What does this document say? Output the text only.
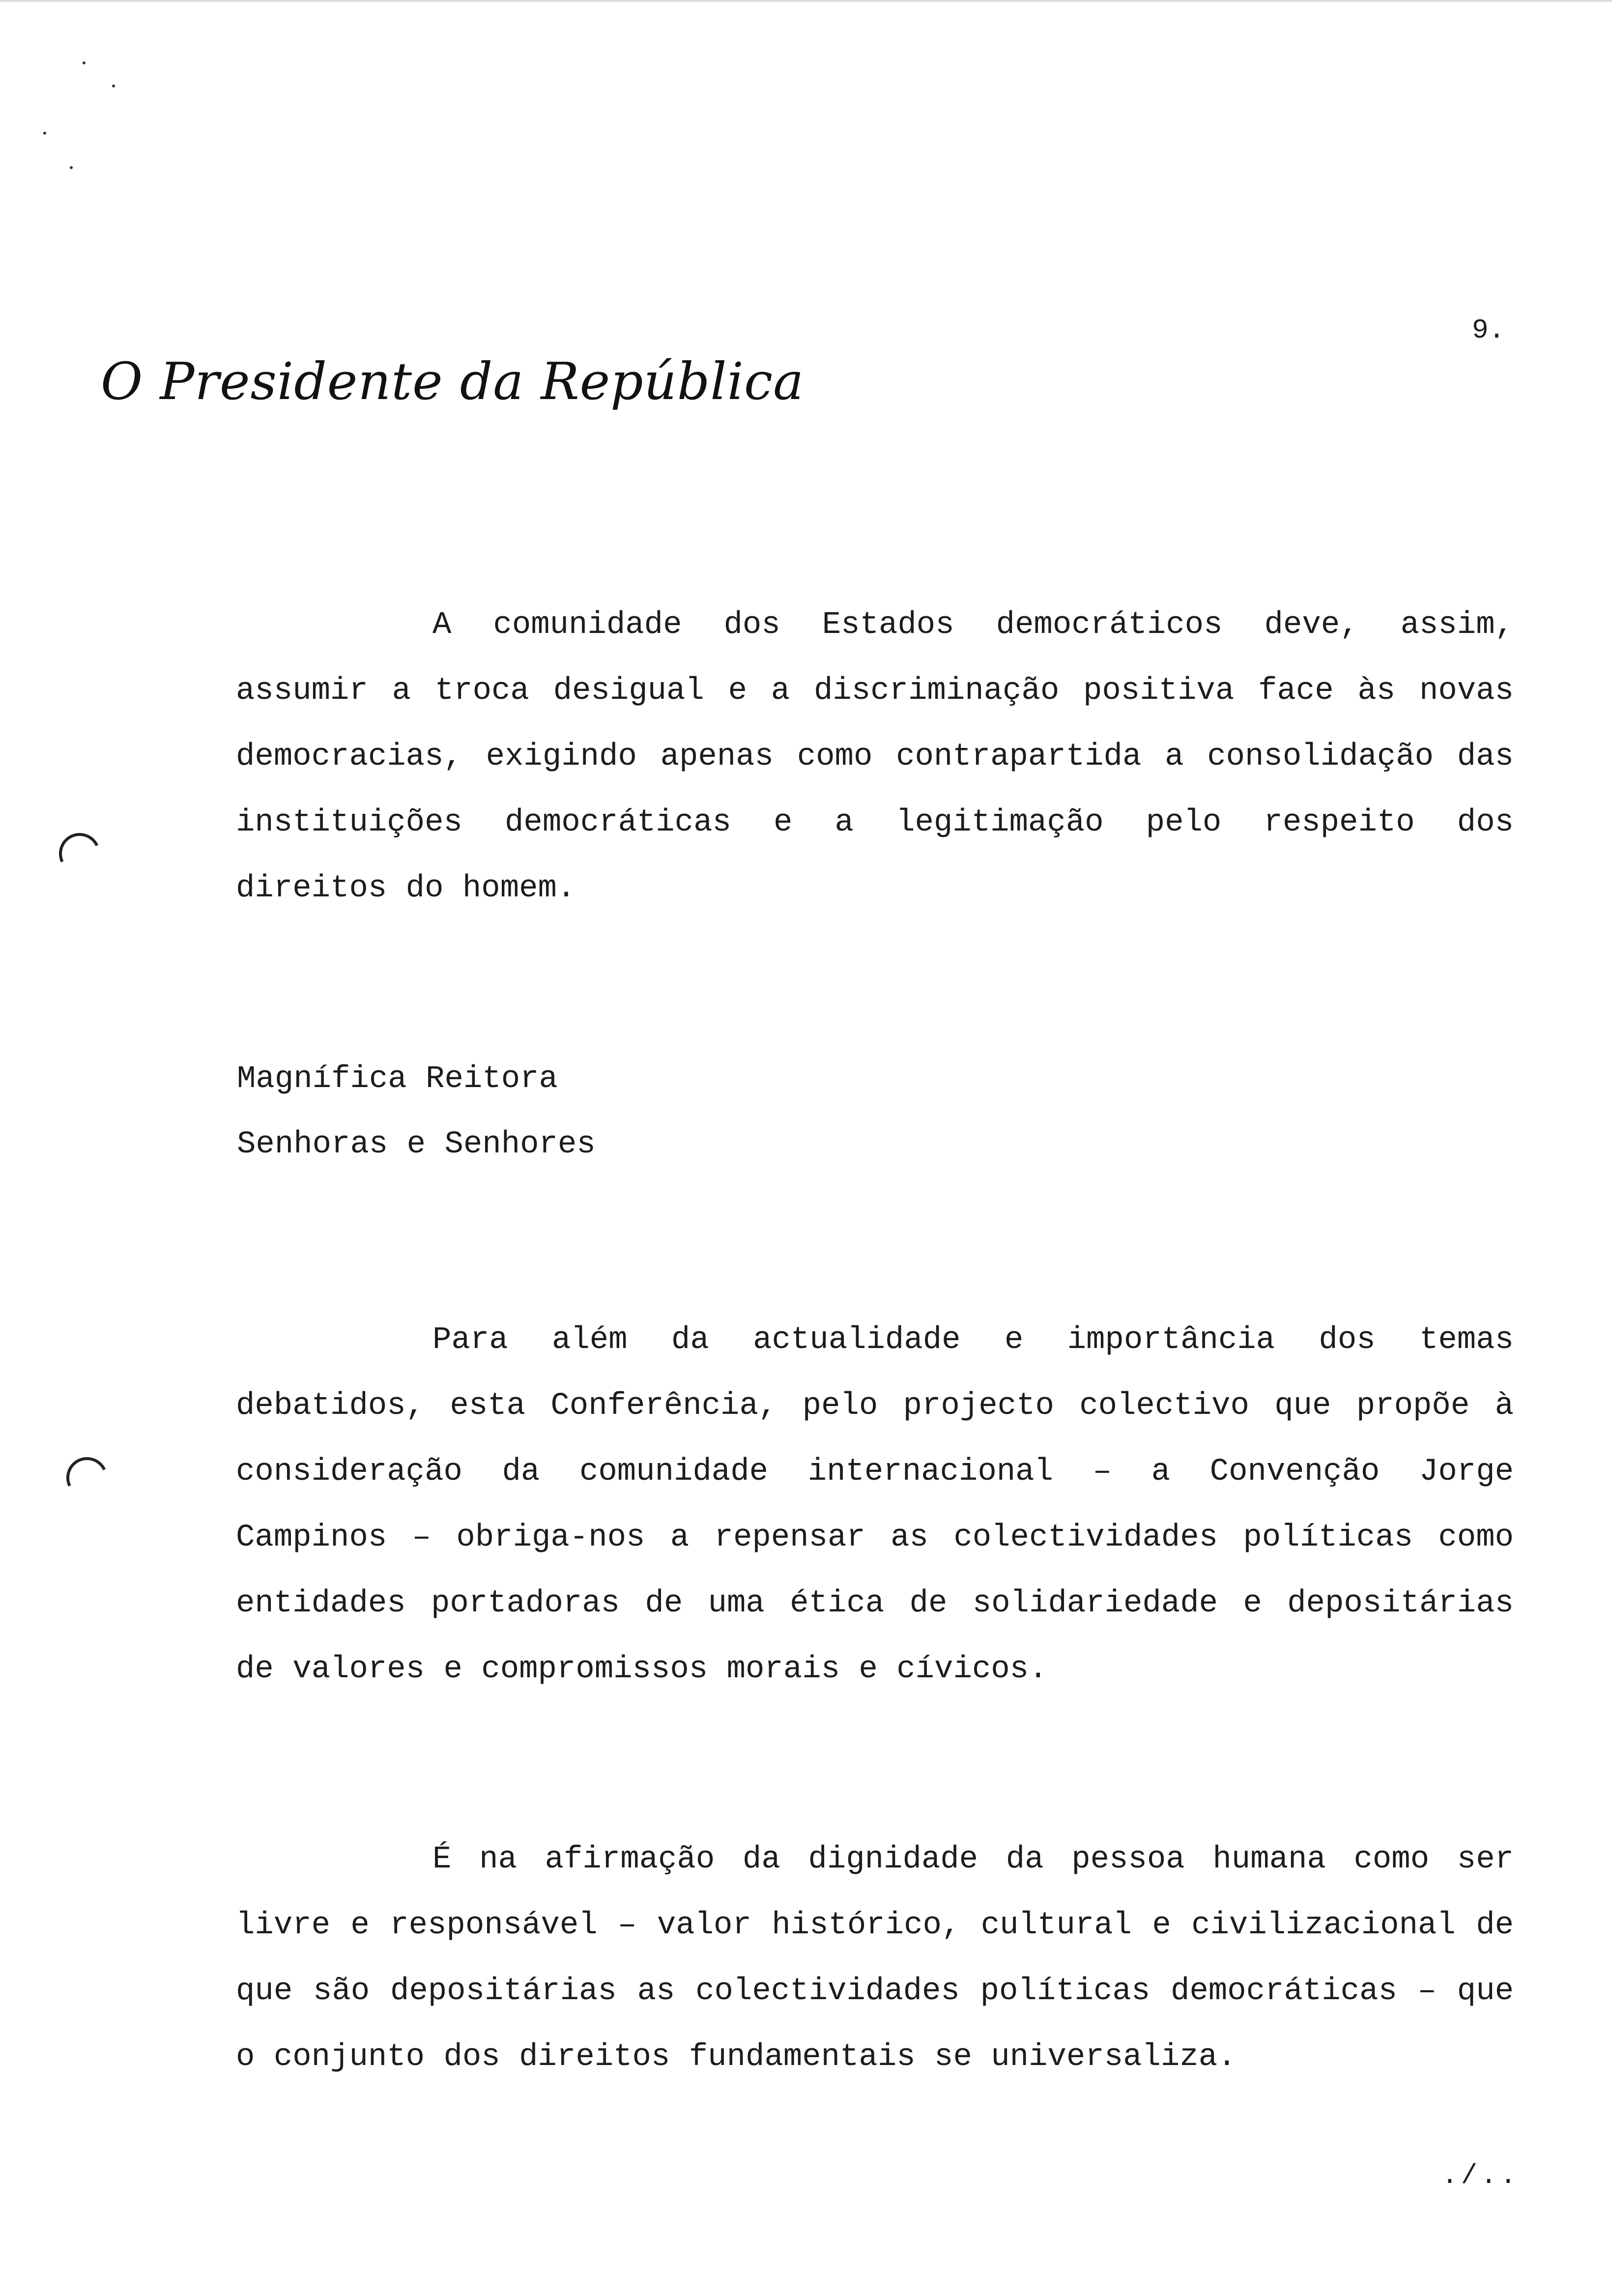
O Presidente da República
9.

A comunidade dos Estados democráticos deve, assim, assumir a troca desigual e a discriminação positiva face às novas democracias, exigindo apenas como contrapartida a consolidação das instituições democráticas e a legitimação pelo respeito dos direitos do homem.

Magnífica Reitora
Senhoras e Senhores

Para além da actualidade e importância dos temas debatidos, esta Conferência, pelo projecto colectivo que propõe à consideração da comunidade internacional – a Convenção Jorge Campinos – obriga-nos a repensar as colectividades políticas como entidades portadoras de uma ética de solidariedade e depositárias de valores e compromissos morais e cívicos.

É na afirmação da dignidade da pessoa humana como ser livre e responsável – valor histórico, cultural e civilizacional de que são depositárias as colectividades políticas democráticas – que o conjunto dos direitos fundamentais se universaliza.

./..
